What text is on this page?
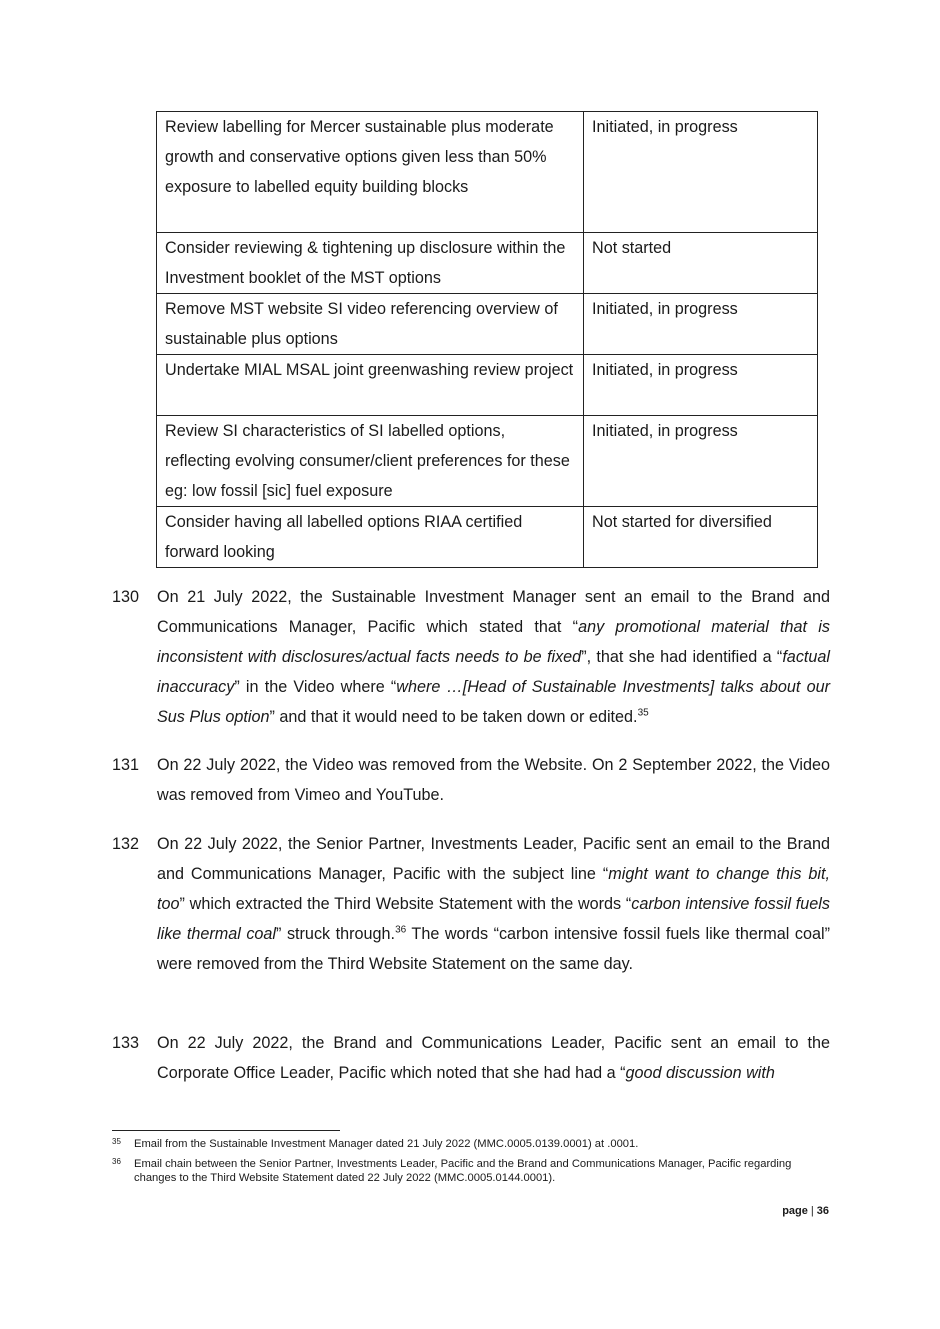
Review labelling for Mercer sustainable plus moderate growth and conservative options given less than 50% exposure to labelled equity building blocks	Initiated, in progress
Consider reviewing & tightening up disclosure within the Investment booklet of the MST options	Not started
Remove MST website SI video referencing overview of sustainable plus options	Initiated, in progress
Undertake MIAL MSAL joint greenwashing review project	Initiated, in progress
Review SI characteristics of SI labelled options, reflecting evolving consumer/client preferences for these eg: low fossil [sic] fuel exposure	Initiated, in progress
Consider having all labelled options RIAA certified forward looking	Not started for diversified
130 On 21 July 2022, the Sustainable Investment Manager sent an email to the Brand and Communications Manager, Pacific which stated that “any promotional material that is inconsistent with disclosures/actual facts needs to be fixed”, that she had identified a “factual inaccuracy” in the Video where “where …[Head of Sustainable Investments] talks about our Sus Plus option” and that it would need to be taken down or edited.$^{35}$
131 On 22 July 2022, the Video was removed from the Website. On 2 September 2022, the Video was removed from Vimeo and YouTube.
132 On 22 July 2022, the Senior Partner, Investments Leader, Pacific sent an email to the Brand and Communications Manager, Pacific with the subject line “might want to change this bit, too” which extracted the Third Website Statement with the words “carbon intensive fossil fuels like thermal coal” struck through.$^{36}$ The words “carbon intensive fossil fuels like thermal coal” were removed from the Third Website Statement on the same day.
133 On 22 July 2022, the Brand and Communications Leader, Pacific sent an email to the Corporate Office Leader, Pacific which noted that she had had a “good discussion with
35 Email from the Sustainable Investment Manager dated 21 July 2022 (MMC.0005.0139.0001) at .0001.
36 Email chain between the Senior Partner, Investments Leader, Pacific and the Brand and Communications Manager, Pacific regarding changes to the Third Website Statement dated 22 July 2022 (MMC.0005.0144.0001).
page | 36
